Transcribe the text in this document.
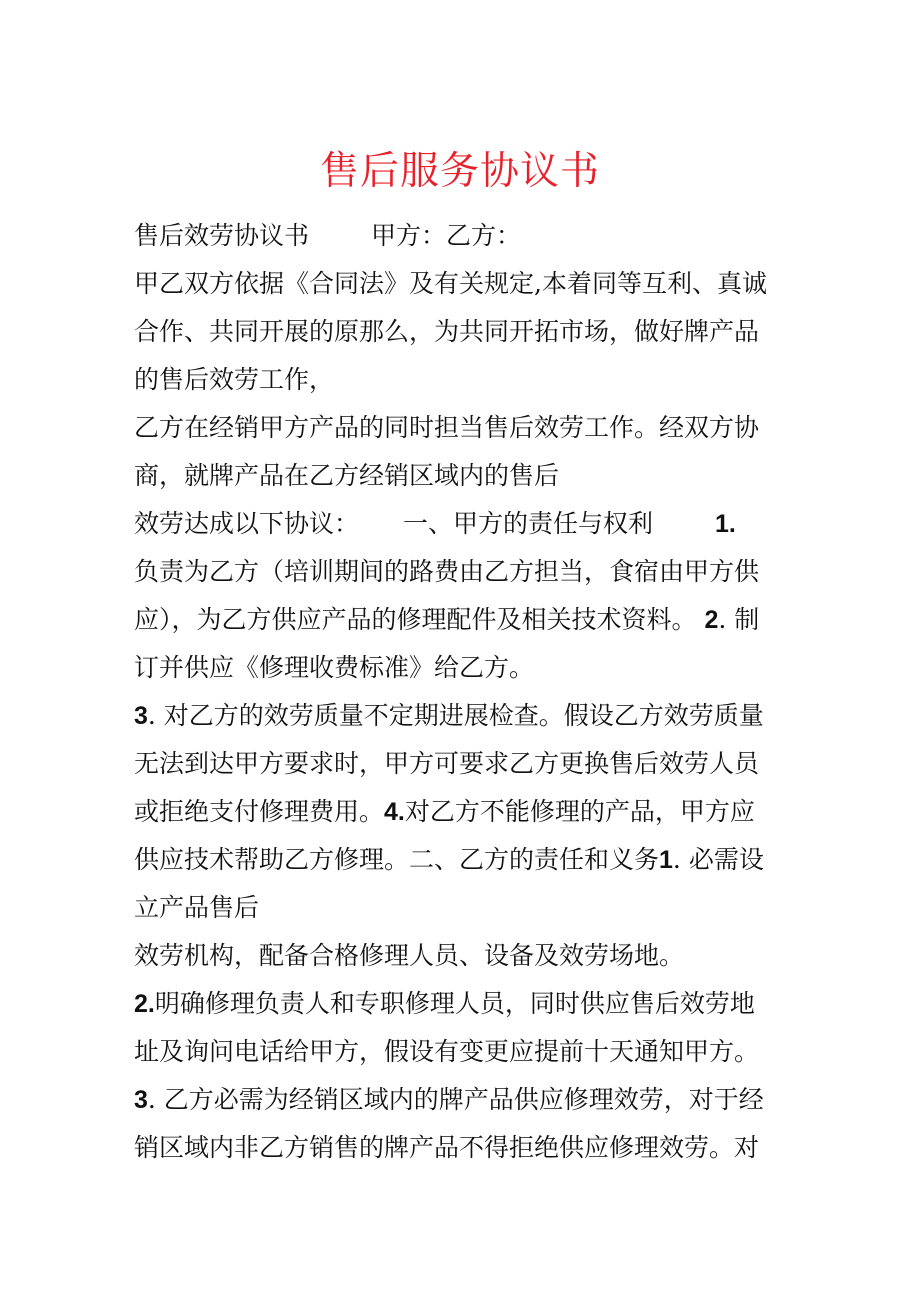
售后服务协议书
售后效劳协议书 甲方：乙方：
甲乙双方依据《合同法》及有关规定,本着同等互利、真诚
合作、共同开展的原那么，为共同开拓市场，做好牌产品
的售后效劳工作，
乙方在经销甲方产品的同时担当售后效劳工作。经双方协
商，就牌产品在乙方经销区域内的售后
效劳达成以下协议： 一、甲方的责任与权利 1.
负责为乙方（培训期间的路费由乙方担当，食宿由甲方供
应），为乙方供应产品的修理配件及相关技术资料。 2. 制
订并供应《修理收费标准》给乙方。
3. 对乙方的效劳质量不定期进展检查。假设乙方效劳质量
无法到达甲方要求时，甲方可要求乙方更换售后效劳人员
或拒绝支付修理费用。4.对乙方不能修理的产品，甲方应
供应技术帮助乙方修理。二、乙方的责任和义务1. 必需设
立产品售后
效劳机构，配备合格修理人员、设备及效劳场地。
2.明确修理负责人和专职修理人员，同时供应售后效劳地
址及询问电话给甲方，假设有变更应提前十天通知甲方。
3. 乙方必需为经销区域内的牌产品供应修理效劳，对于经
销区域内非乙方销售的牌产品不得拒绝供应修理效劳。对
